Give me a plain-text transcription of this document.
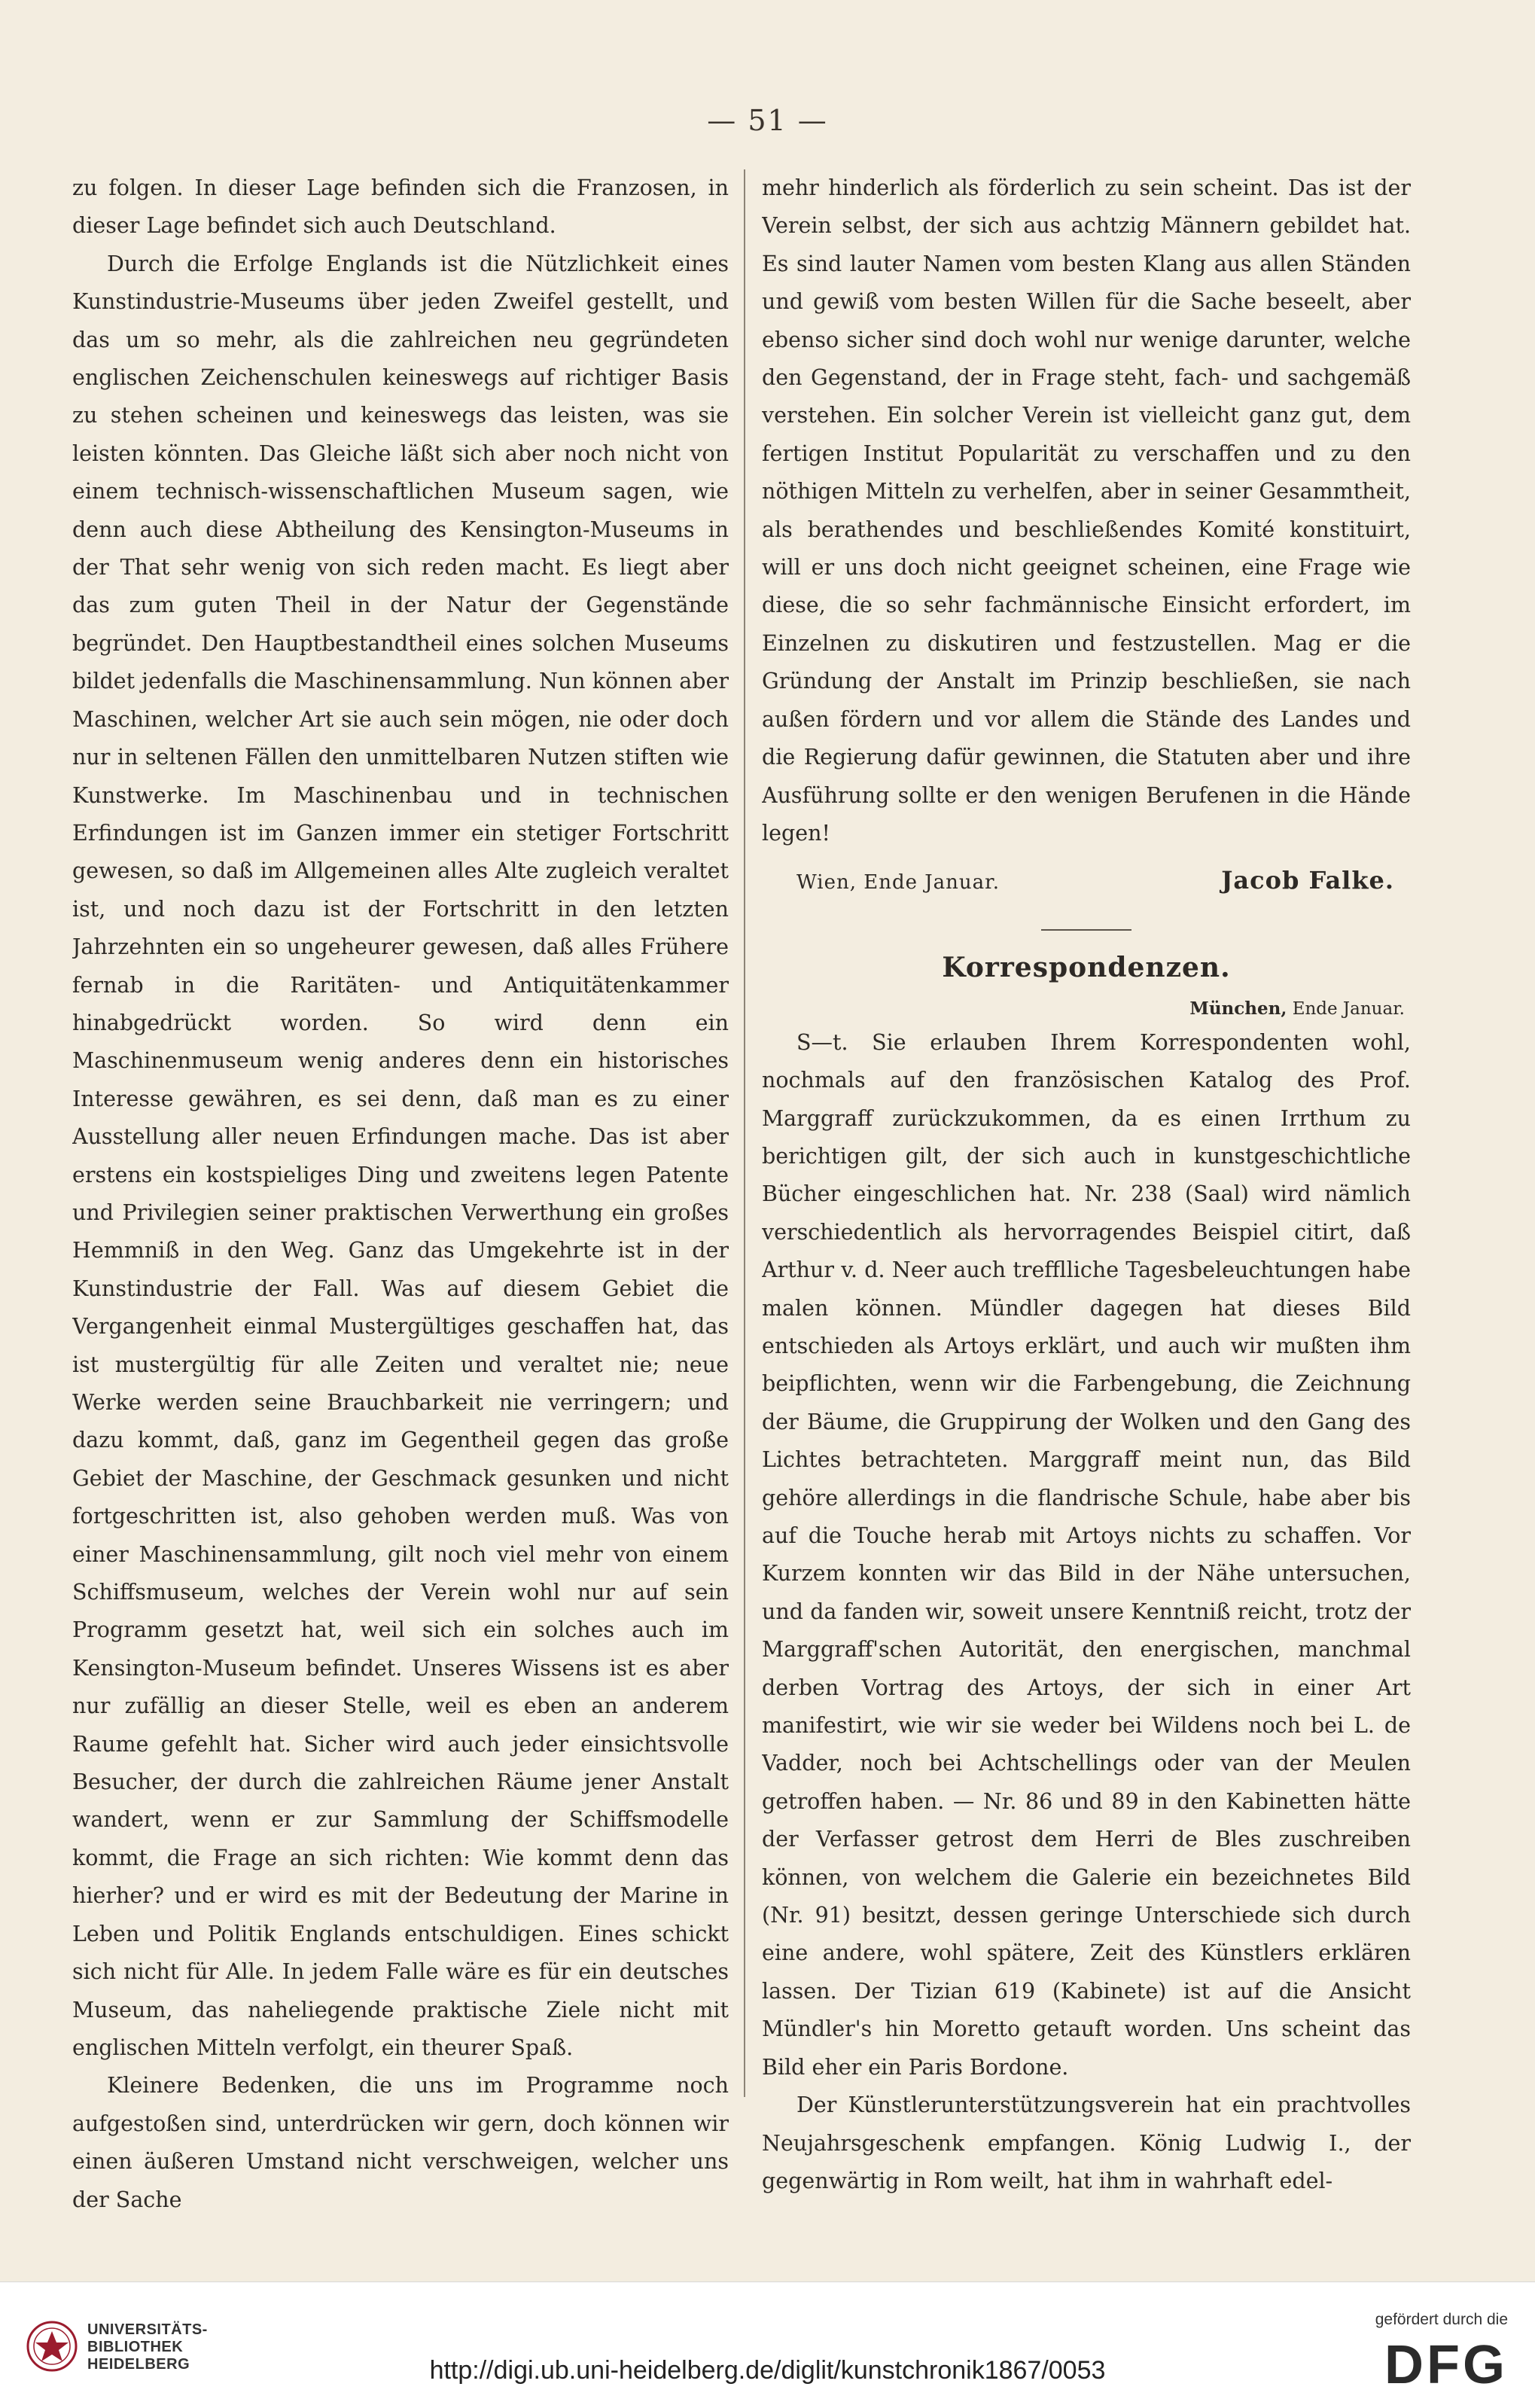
— 51 —

zu folgen. In dieser Lage befinden sich die Franzosen, in dieser Lage befindet sich auch Deutschland.

Durch die Erfolge Englands ist die Nützlichkeit eines Kunstindustrie-Museums über jeden Zweifel gestellt, und das um so mehr, als die zahlreichen neu gegründeten englischen Zeichenschulen keineswegs auf richtiger Basis zu stehen scheinen und keineswegs das leisten, was sie leisten könnten. Das Gleiche läßt sich aber noch nicht von einem technisch-wissenschaftlichen Museum sagen, wie denn auch diese Abtheilung des Kensington-Museums in der That sehr wenig von sich reden macht. Es liegt aber das zum guten Theil in der Natur der Gegenstände begründet. Den Hauptbestandtheil eines solchen Museums bildet jedenfalls die Maschinensammlung. Nun können aber Maschinen, welcher Art sie auch sein mögen, nie oder doch nur in seltenen Fällen den unmittelbaren Nutzen stiften wie Kunstwerke. Im Maschinenbau und in technischen Erfindungen ist im Ganzen immer ein stetiger Fortschritt gewesen, so daß im Allgemeinen alles Alte zugleich veraltet ist, und noch dazu ist der Fortschritt in den letzten Jahrzehnten ein so ungeheurer gewesen, daß alles Frühere fernab in die Raritäten- und Antiquitätenkammer hinabgedrückt worden. So wird denn ein Maschinenmuseum wenig anderes denn ein historisches Interesse gewähren, es sei denn, daß man es zu einer Ausstellung aller neuen Erfindungen mache. Das ist aber erstens ein kostspieliges Ding und zweitens legen Patente und Privilegien seiner praktischen Verwerthung ein großes Hemmniß in den Weg. Ganz das Umgekehrte ist in der Kunstindustrie der Fall. Was auf diesem Gebiet die Vergangenheit einmal Mustergültiges geschaffen hat, das ist mustergültig für alle Zeiten und veraltet nie; neue Werke werden seine Brauchbarkeit nie verringern; und dazu kommt, daß, ganz im Gegentheil gegen das große Gebiet der Maschine, der Geschmack gesunken und nicht fortgeschritten ist, also gehoben werden muß. Was von einer Maschinensammlung, gilt noch viel mehr von einem Schiffsmuseum, welches der Verein wohl nur auf sein Programm gesetzt hat, weil sich ein solches auch im Kensington-Museum befindet. Unseres Wissens ist es aber nur zufällig an dieser Stelle, weil es eben an anderem Raume gefehlt hat. Sicher wird auch jeder einsichtsvolle Besucher, der durch die zahlreichen Räume jener Anstalt wandert, wenn er zur Sammlung der Schiffsmodelle kommt, die Frage an sich richten: Wie kommt denn das hierher? und er wird es mit der Bedeutung der Marine in Leben und Politik Englands entschuldigen. Eines schickt sich nicht für Alle. In jedem Falle wäre es für ein deutsches Museum, das naheliegende praktische Ziele nicht mit englischen Mitteln verfolgt, ein theurer Spaß.

Kleinere Bedenken, die uns im Programme noch aufgestoßen sind, unterdrücken wir gern, doch können wir einen äußeren Umstand nicht verschweigen, welcher uns der Sache

mehr hinderlich als förderlich zu sein scheint. Das ist der Verein selbst, der sich aus achtzig Männern gebildet hat. Es sind lauter Namen vom besten Klang aus allen Ständen und gewiß vom besten Willen für die Sache beseelt, aber ebenso sicher sind doch wohl nur wenige darunter, welche den Gegenstand, der in Frage steht, fach- und sachgemäß verstehen. Ein solcher Verein ist vielleicht ganz gut, dem fertigen Institut Popularität zu verschaffen und zu den nöthigen Mitteln zu verhelfen, aber in seiner Gesammtheit, als berathendes und beschließendes Komité konstituirt, will er uns doch nicht geeignet scheinen, eine Frage wie diese, die so sehr fachmännische Einsicht erfordert, im Einzelnen zu diskutiren und festzustellen. Mag er die Gründung der Anstalt im Prinzip beschließen, sie nach außen fördern und vor allem die Stände des Landes und die Regierung dafür gewinnen, die Statuten aber und ihre Ausführung sollte er den wenigen Berufenen in die Hände legen!

Wien, Ende Januar.	Jacob Falke.
Korrespondenzen.
München, Ende Januar.

S—t. Sie erlauben Ihrem Korrespondenten wohl, nochmals auf den französischen Katalog des Prof. Marggraff zurückzukommen, da es einen Irrthum zu berichtigen gilt, der sich auch in kunstgeschichtliche Bücher eingeschlichen hat. Nr. 238 (Saal) wird nämlich verschiedentlich als hervorragendes Beispiel citirt, daß Arthur v. d. Neer auch trefflliche Tagesbeleuchtungen habe malen können. Mündler dagegen hat dieses Bild entschieden als Artoys erklärt, und auch wir mußten ihm beipflichten, wenn wir die Farbengebung, die Zeichnung der Bäume, die Gruppirung der Wolken und den Gang des Lichtes betrachteten. Marggraff meint nun, das Bild gehöre allerdings in die flandrische Schule, habe aber bis auf die Touche herab mit Artoys nichts zu schaffen. Vor Kurzem konnten wir das Bild in der Nähe untersuchen, und da fanden wir, soweit unsere Kenntniß reicht, trotz der Marggraff'schen Autorität, den energischen, manchmal derben Vortrag des Artoys, der sich in einer Art manifestirt, wie wir sie weder bei Wildens noch bei L. de Vadder, noch bei Achtschellings oder van der Meulen getroffen haben. — Nr. 86 und 89 in den Kabinetten hätte der Verfasser getrost dem Herri de Bles zuschreiben können, von welchem die Galerie ein bezeichnetes Bild (Nr. 91) besitzt, dessen geringe Unterschiede sich durch eine andere, wohl spätere, Zeit des Künstlers erklären lassen. Der Tizian 619 (Kabinete) ist auf die Ansicht Mündler's hin Moretto getauft worden. Uns scheint das Bild eher ein Paris Bordone.

Der Künstlerunterstützungsverein hat ein prachtvolles Neujahrsgeschenk empfangen. König Ludwig I., der gegenwärtig in Rom weilt, hat ihm in wahrhaft edel-

UNIVERSITÄTS-
BIBLIOTHEK
HEIDELBERG	http://digi.ub.uni-heidelberg.de/diglit/kunstchronik1867/0053
gefördert durch die
DFG
